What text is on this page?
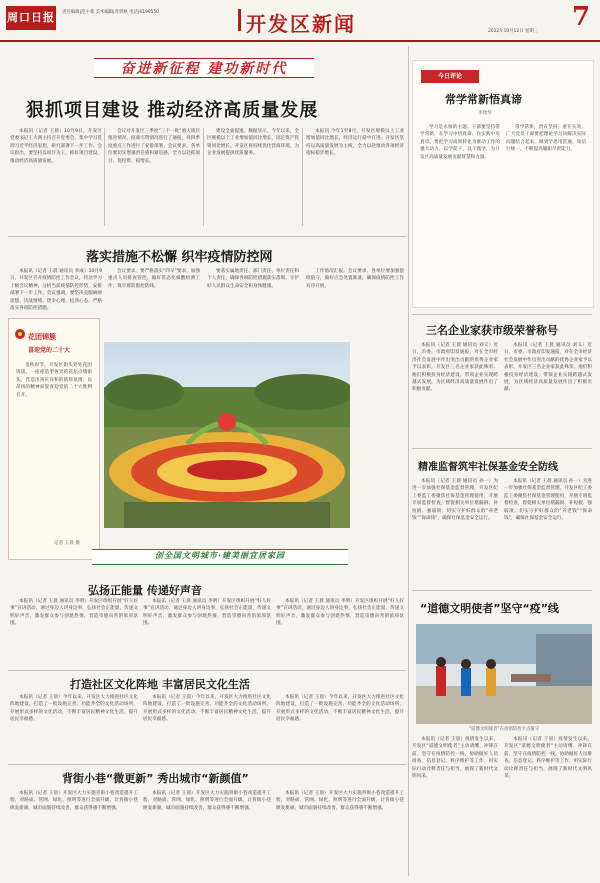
周口日报 责任编辑|范小希 美术编辑|苏贤秋 电话|6199550	开发区新闻	2022年10月12日 星期三 7
奋进新征程 建功新时代
狠抓项目建设 推动经济高质量发展

本报讯（记者 王晨）10月9日，开发区党委书记王大洲主持召开党委会，集中学习贯彻习近平经济思想，研究部署下一步工作。会议指出，要坚持以项目为王，抓好项目建设，推动经济高质量发展。

会议对开发区三季度“三个一批”重大项目推进情况、招商引资情况进行了通报，对四季度重点工作进行了安排部署。会议要求，各单位要切实增强责任感和紧迫感，全力以赴抓项目、促投资、稳增长。

建设全面提速。数据显示，今年以来，全区规模以上工业增加值同比增长，固定资产投资同比增长。开发区将持续优化营商环境，为企业发展提供优质服务。

本报讯 今年1至8月，开发区规模以上工业增加值同比增长，经济运行稳中有进。开发区坚持以高质量发展为主线，全力以赴推动各项经济指标稳步增长。

今日评论
常学常新悟真谛
李建华

学习是永恒的主题。干部要坚持常学常新，在学习中悟真谛、在实践中见真章。要把学习成果转化为推动工作的强大动力，以学促干，以干践学，为开发区高质量发展贡献智慧和力量。

常学常新，贵在坚持，重在实效。广大党员干部要把理论学习同解决实际问题结合起来，做到学思用贯通、知信行统一，不断提高履职尽责能力。

落实措施不松懈 织牢疫情防控网

本报讯（记者 王晨 通讯员 李成）10月9日，开发区召开疫情防控工作会议，传达学习上级会议精神，分析当前疫情防控形势，安排部署下一步工作。会议强调，要坚决克服麻痹思想、厌战情绪、侥幸心理、松劲心态，严格落实各项防控措施。

会议要求，要严格落实“四早”要求，加强重点人员排查管控，做好常态化核酸检测工作，筑牢群防群控防线。

要落实属地责任、部门责任、单位责任和个人责任，确保各项防控措施落实落细，守护好人民群众生命安全和身体健康。

工作情况汇报。会议要求，各单位要加强值班值守，做好应急处置准备，确保疫情防控工作有序开展。

花团锦簇
喜迎党的二十大

金秋时节，开发区街头处处花团锦簇。一座座造型各异的花坛点缀街头，营造出喜庆祥和的浓厚氛围，以昂扬的精神面貌喜迎党的二十大胜利召开。

记者 王晨 摄
三名企业家获市级荣誉称号

本报讯（记者 王晨 通讯员 刘义）近日，市委、市政府印发通报，对在全市经济社会发展中作出突出贡献的优秀企业家予以表彰，开发区三名企业家获此殊荣。他们积极投身经济建设，带领企业实现跨越式发展，为区域经济高质量发展作出了积极贡献。

本报讯（记者 王晨 通讯员 刘义）近日，市委、市政府印发通报，对在全市经济社会发展中作出突出贡献的优秀企业家予以表彰，开发区三名企业家获此殊荣。他们积极投身经济建设，带领企业实现跨越式发展，为区域经济高质量发展作出了积极贡献。

精准监督筑牢社保基金安全防线

本报讯（记者 王晨 通讯员 孙一）为进一步加强社保基金监督管理，开发区纪工委监工委聚焦社保基金管理使用，开展专项监督检查，督促相关单位堵漏洞、补短板、强弱项，切实守护好群众的“养老钱”“保命钱”，确保社保基金安全运行。

本报讯（记者 王晨 通讯员 孙一）为进一步加强社保基金监督管理，开发区纪工委监工委聚焦社保基金管理使用，开展专项监督检查，督促相关单位堵漏洞、补短板、强弱项，切实守护好群众的“养老钱”“保命钱”，确保社保基金安全运行。

创全国文明城市·建美丽宜居家园
弘扬正能量 传递好声音

本报讯（记者 王晨 通讯员 李明）开发区组织开展“好人好事”宣讲活动，通过身边人讲身边事，弘扬社会正能量，传递文明好声音，激发群众参与创建热情，营造崇德向善的浓厚氛围。

本报讯（记者 王晨 通讯员 李明）开发区组织开展“好人好事”宣讲活动，通过身边人讲身边事，弘扬社会正能量，传递文明好声音，激发群众参与创建热情，营造崇德向善的浓厚氛围。

本报讯（记者 王晨 通讯员 李明）开发区组织开展“好人好事”宣讲活动，通过身边人讲身边事，弘扬社会正能量，传递文明好声音，激发群众参与创建热情，营造崇德向善的浓厚氛围。

打造社区文化阵地 丰富居民文化生活

本报讯（记者 王晨）今年以来，开发区大力推进社区文化阵地建设，打造了一批设施完善、功能齐全的文化活动场所，开展形式多样的文化活动，不断丰富居民精神文化生活，提升居民幸福感。

本报讯（记者 王晨）今年以来，开发区大力推进社区文化阵地建设，打造了一批设施完善、功能齐全的文化活动场所，开展形式多样的文化活动，不断丰富居民精神文化生活，提升居民幸福感。

本报讯（记者 王晨）今年以来，开发区大力推进社区文化阵地建设，打造了一批设施完善、功能齐全的文化活动场所，开展形式多样的文化活动，不断丰富居民精神文化生活，提升居民幸福感。

背街小巷“微更新” 秀出城市“新颜值”

本报讯（记者 王晨）开发区大力实施背街小巷改造提升工程，对路面、管网、绿化、照明等进行全面升级，让背街小巷焕发新颜，城市面貌持续改善，群众获得感不断增强。

本报讯（记者 王晨）开发区大力实施背街小巷改造提升工程，对路面、管网、绿化、照明等进行全面升级，让背街小巷焕发新颜，城市面貌持续改善，群众获得感不断增强。

本报讯（记者 王晨）开发区大力实施背街小巷改造提升工程，对路面、管网、绿化、照明等进行全面升级，让背街小巷焕发新颜，城市面貌持续改善，群众获得感不断增强。

“道德文明使者”坚守“疫”线
“道德文明使者”在疫情防控卡点值守

本报讯（记者 王晨）疫情发生以来，开发区“道德文明使者”主动请缨、冲锋在前，坚守在疫情防控一线，协助做好人员排查、信息登记、秩序维护等工作，用实际行动诠释责任与担当，展现了新时代文明风采。

本报讯（记者 王晨）疫情发生以来，开发区“道德文明使者”主动请缨、冲锋在前，坚守在疫情防控一线，协助做好人员排查、信息登记、秩序维护等工作，用实际行动诠释责任与担当，展现了新时代文明风采。
